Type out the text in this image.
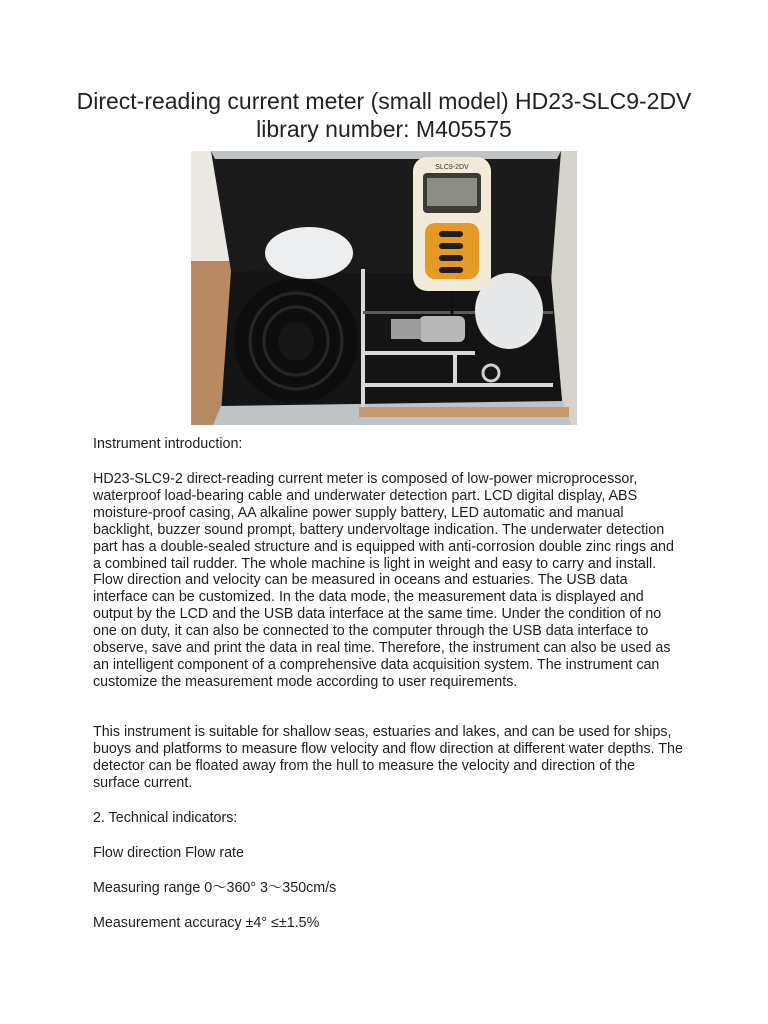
Direct-reading current meter (small model) HD23-SLC9-2DV library number: M405575
SLC9-2DV

Instrument introduction:

HD23-SLC9-2 direct-reading current meter is composed of low-power microprocessor, waterproof load-bearing cable and underwater detection part. LCD digital display, ABS moisture-proof casing, AA alkaline power supply battery, LED automatic and manual backlight, buzzer sound prompt, battery undervoltage indication. The underwater detection part has a double-sealed structure and is equipped with anti-corrosion double zinc rings and a combined tail rudder. The whole machine is light in weight and easy to carry and install. Flow direction and velocity can be measured in oceans and estuaries. The USB data interface can be customized. In the data mode, the measurement data is displayed and output by the LCD and the USB data interface at the same time. Under the condition of no one on duty, it can also be connected to the computer through the USB data interface to observe, save and print the data in real time. Therefore, the instrument can also be used as an intelligent component of a comprehensive data acquisition system. The instrument can customize the measurement mode according to user requirements.

This instrument is suitable for shallow seas, estuaries and lakes, and can be used for ships, buoys and platforms to measure flow velocity and flow direction at different water depths. The detector can be floated away from the hull to measure the velocity and direction of the surface current.

2. Technical indicators:

Flow direction Flow rate

Measuring range 0～360° 3～350cm/s

Measurement accuracy ±4° ≤±1.5%
